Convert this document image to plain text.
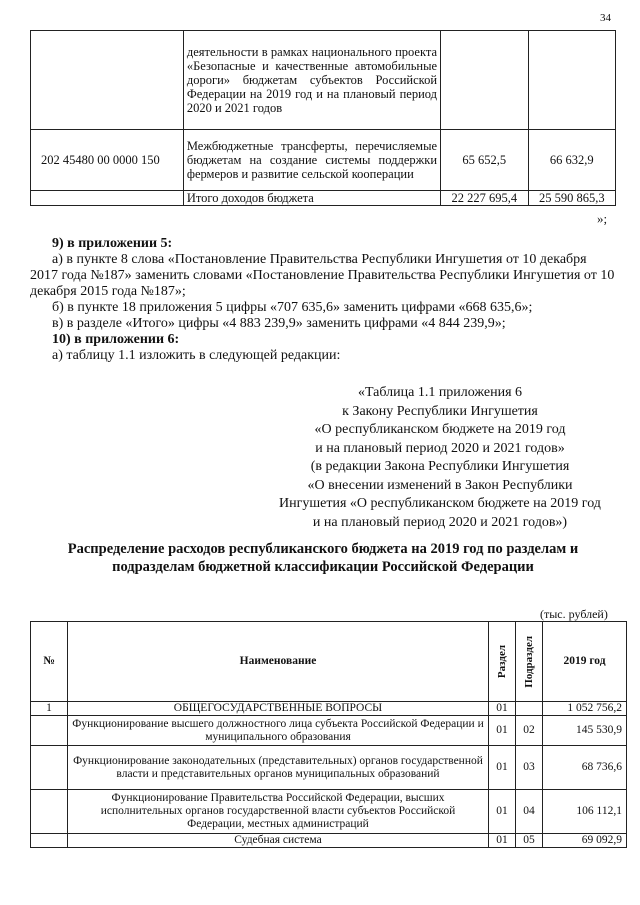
34
	деятельности в рамках национального проекта «Безопасные и качественные автомобильные дороги» бюджетам субъектов Российской Федерации на 2019 год и на плановый период 2020 и 2021 годов		
202 45480 00 0000 150	Межбюджетные трансферты, перечисляемые бюджетам на создание системы поддержки фермеров и развитие сельской кооперации	65 652,5	66 632,9
	Итого доходов бюджета	22 227 695,4	25 590 865,3
»;

9) в приложении 5:

а) в пункте 8 слова «Постановление Правительства Республики Ингушетия от 10 декабря 2017 года №187» заменить словами «Постановление Правительства Республики Ингушетия от 10 декабря 2015 года №187»;

б) в пункте 18 приложения 5 цифры «707 635,6» заменить цифрами «668 635,6»;

в) в разделе «Итого» цифры «4 883 239,9» заменить цифрами «4 844 239,9»;

10) в приложении 6:

а) таблицу 1.1 изложить в следующей редакции:

«Таблица 1.1 приложения 6
к Закону Республики Ингушетия
«О республиканском бюджете на 2019 год
и на плановый период 2020 и 2021 годов»
(в редакции Закона Республики Ингушетия
«О внесении изменений в Закон Республики
Ингушетия «О республиканском бюджете на 2019 год
и на плановый период 2020 и 2021 годов»)
Распределение расходов республиканского бюджета на 2019 год по разделам и
подразделам бюджетной классификации Российской Федерации
(тыс. рублей)
№	Наименование	Раздел	Подраздел	2019 год
1	ОБЩЕГОСУДАРСТВЕННЫЕ ВОПРОСЫ	01		1 052 756,2
	Функционирование высшего должностного лица субъекта Российской Федерации и муниципального образования	01	02	145 530,9
	Функционирование законодательных (представительных) органов государственной власти и представительных органов муниципальных образований	01	03	68 736,6
	Функционирование Правительства Российской Федерации, высших исполнительных органов государственной власти субъектов Российской Федерации, местных администраций	01	04	106 112,1
	Судебная система	01	05	69 092,9
